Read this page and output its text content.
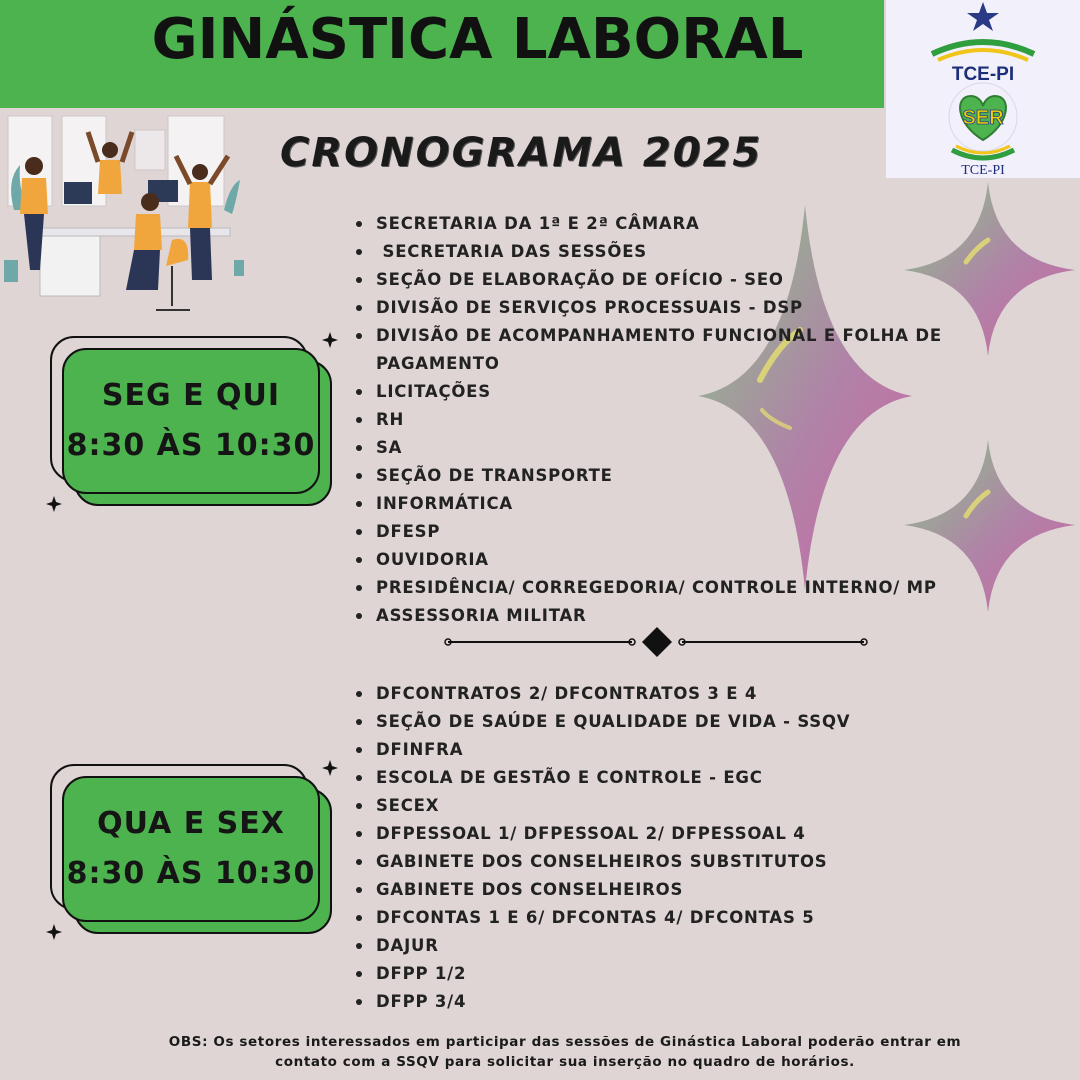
GINÁSTICA LABORAL
TCE-PI
SER
TCE-PI
CRONOGRAMA 2025
SEG E QUI
8:30 ÀS 10:30
SECRETARIA DA 1ª E 2ª CÂMARA
SECRETARIA DAS SESSÕES
SEÇÃO DE ELABORAÇÃO DE OFÍCIO - SEO
DIVISÃO DE SERVIÇOS PROCESSUAIS - DSP
DIVISÃO DE ACOMPANHAMENTO FUNCIONAL E FOLHA DE
PAGAMENTO
LICITAÇÕES
RH
SA
SEÇÃO DE TRANSPORTE
INFORMÁTICA
DFESP
OUVIDORIA
PRESIDÊNCIA/ CORREGEDORIA/ CONTROLE INTERNO/ MP
ASSESSORIA MILITAR
QUA E SEX
8:30 ÀS 10:30
DFCONTRATOS 2/ DFCONTRATOS 3 E 4
SEÇÃO DE SAÚDE E QUALIDADE DE VIDA - SSQV
DFINFRA
ESCOLA DE GESTÃO E CONTROLE - EGC
SECEX
DFPESSOAL 1/ DFPESSOAL 2/ DFPESSOAL 4
GABINETE DOS CONSELHEIROS SUBSTITUTOS
GABINETE DOS CONSELHEIROS
DFCONTAS 1 E 6/ DFCONTAS 4/ DFCONTAS 5
DAJUR
DFPP 1/2
DFPP 3/4
OBS: Os setores interessados em participar das sessões de Ginástica Laboral poderão entrar em
contato com a SSQV para solicitar sua inserção no quadro de horários.
